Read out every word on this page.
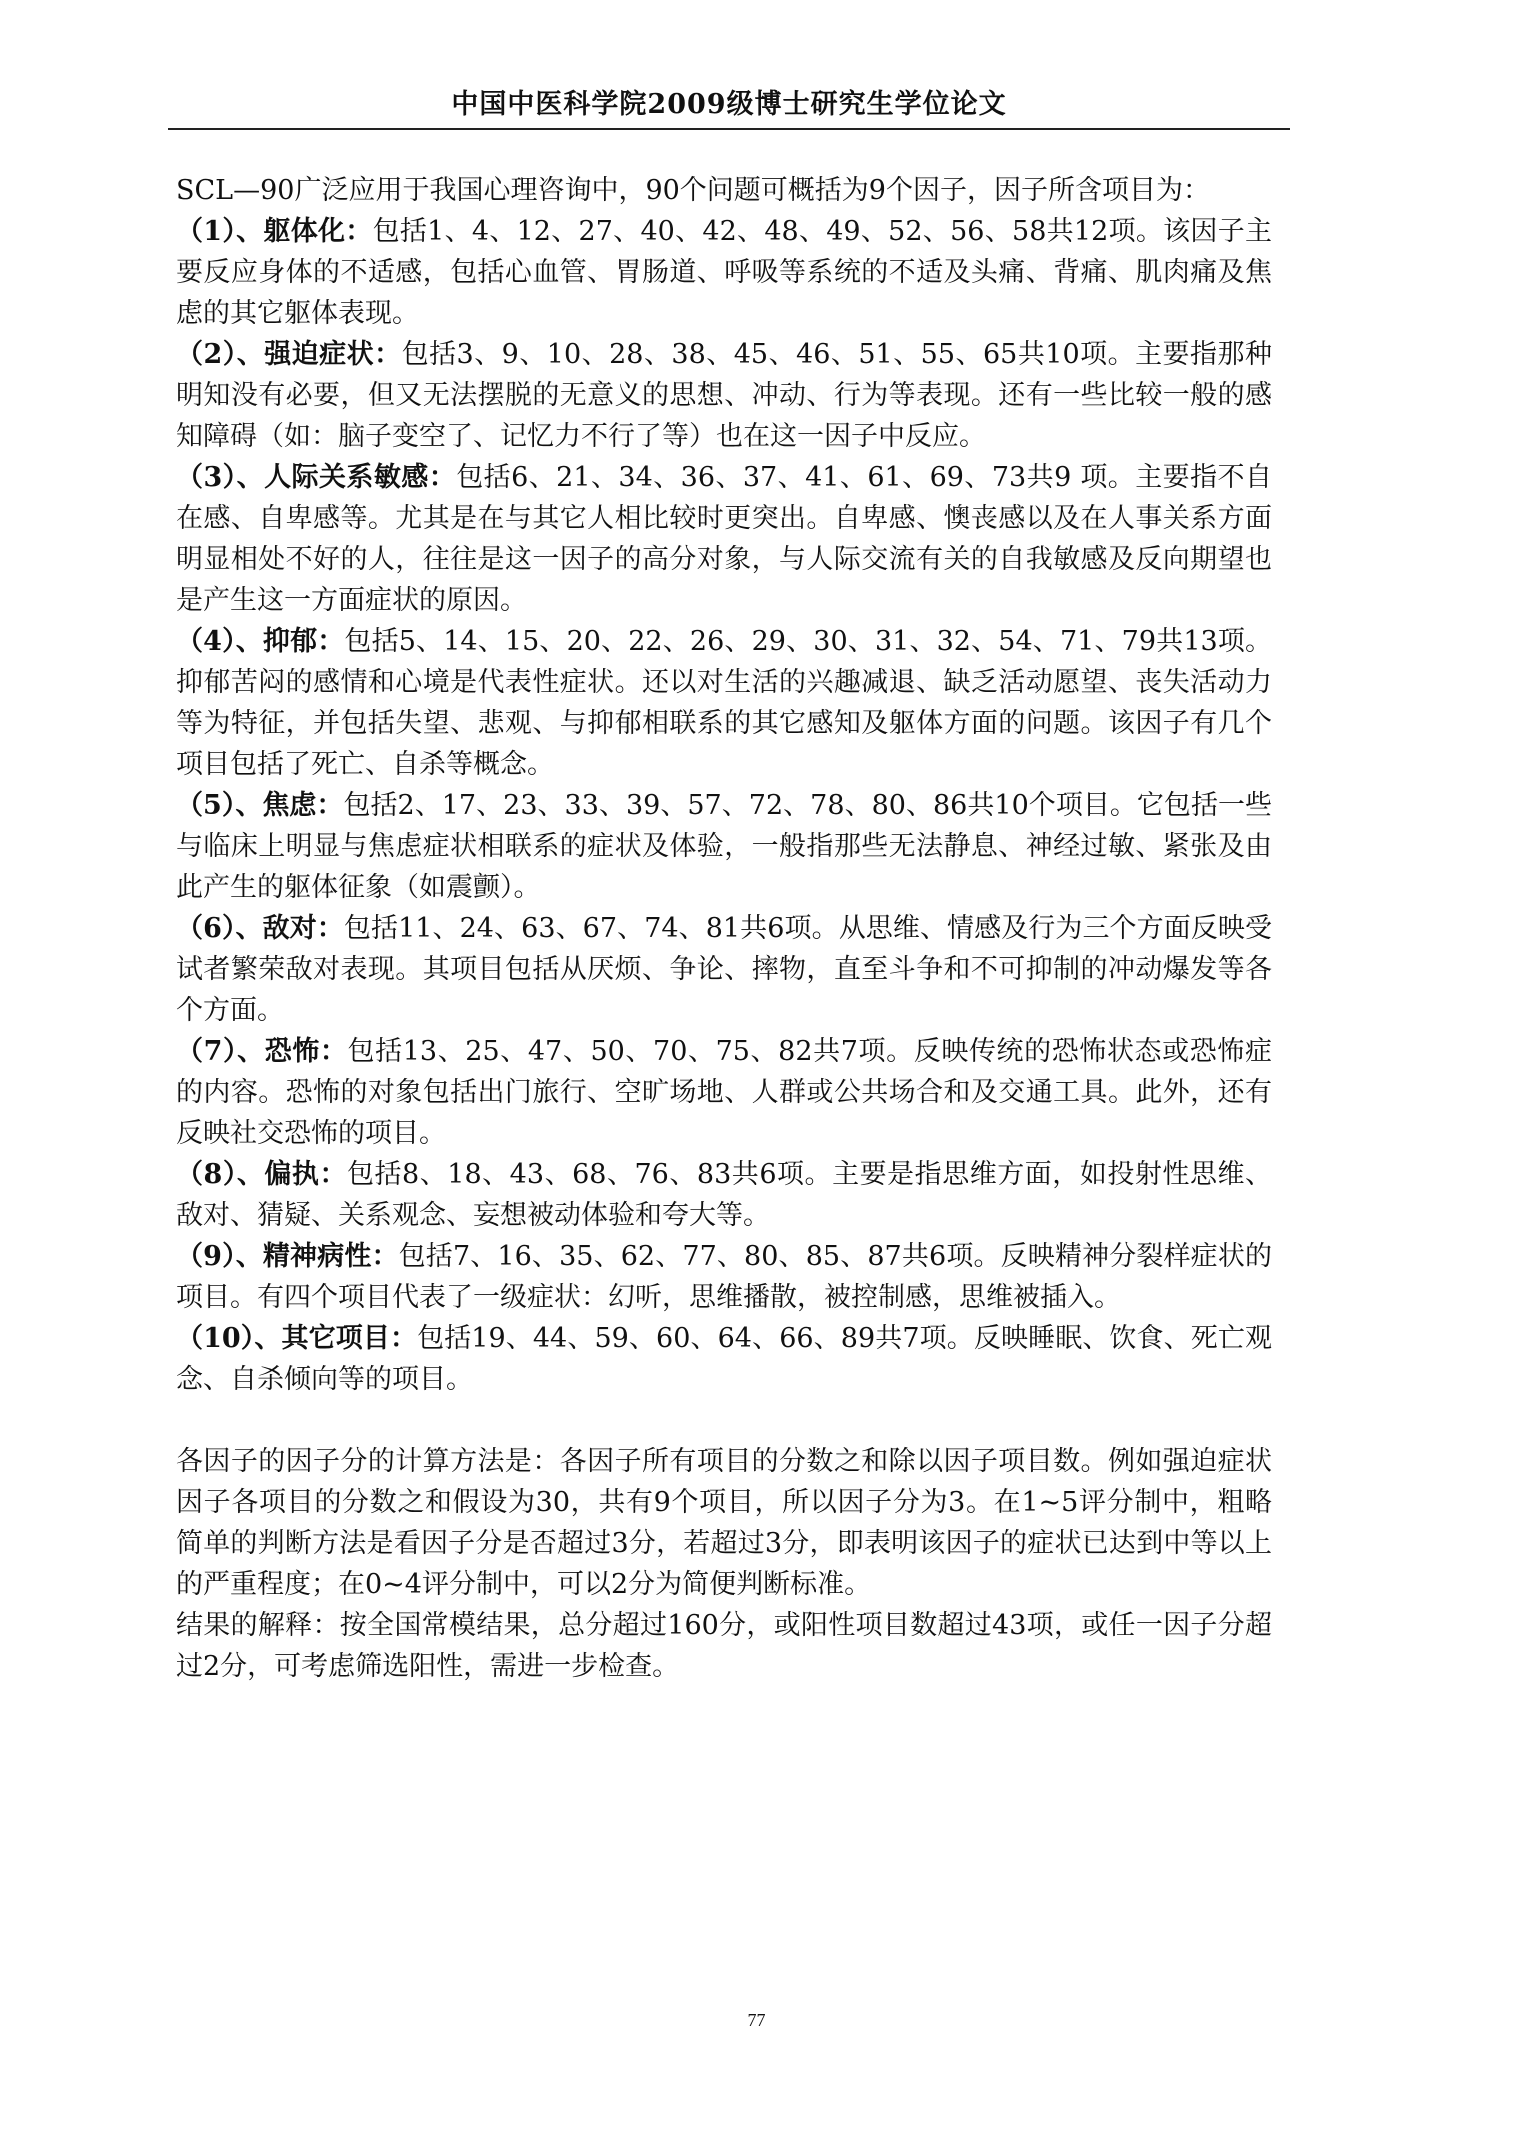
中国中医科学院2009级博士研究生学位论文

SCL—90广泛应用于我国心理咨询中，90个问题可概括为9个因子，因子所含项目为：

（1）、躯体化：包括1、4、12、27、40、42、48、49、52、56、58共12项。该因子主要反应身体的不适感，包括心血管、胃肠道、呼吸等系统的不适及头痛、背痛、肌肉痛及焦虑的其它躯体表现。

（2）、强迫症状：包括3、9、10、28、38、45、46、51、55、65共10项。主要指那种明知没有必要，但又无法摆脱的无意义的思想、冲动、行为等表现。还有一些比较一般的感知障碍（如：脑子变空了、记忆力不行了等）也在这一因子中反应。

（3）、人际关系敏感：包括6、21、34、36、37、41、61、69、73共9 项。主要指不自在感、自卑感等。尤其是在与其它人相比较时更突出。自卑感、懊丧感以及在人事关系方面明显相处不好的人，往往是这一因子的高分对象，与人际交流有关的自我敏感及反向期望也是产生这一方面症状的原因。

（4）、抑郁：包括5、14、15、20、22、26、29、30、31、32、54、71、79共13项。抑郁苦闷的感情和心境是代表性症状。还以对生活的兴趣减退、缺乏活动愿望、丧失活动力等为特征，并包括失望、悲观、与抑郁相联系的其它感知及躯体方面的问题。该因子有几个项目包括了死亡、自杀等概念。

（5）、焦虑：包括2、17、23、33、39、57、72、78、80、86共10个项目。它包括一些与临床上明显与焦虑症状相联系的症状及体验，一般指那些无法静息、神经过敏、紧张及由此产生的躯体征象（如震颤）。

（6）、敌对：包括11、24、63、67、74、81共6项。从思维、情感及行为三个方面反映受试者繁荣敌对表现。其项目包括从厌烦、争论、摔物，直至斗争和不可抑制的冲动爆发等各个方面。

（7）、恐怖：包括13、25、47、50、70、75、82共7项。反映传统的恐怖状态或恐怖症的内容。恐怖的对象包括出门旅行、空旷场地、人群或公共场合和及交通工具。此外，还有反映社交恐怖的项目。

（8）、偏执：包括8、18、43、68、76、83共6项。主要是指思维方面，如投射性思维、敌对、猜疑、关系观念、妄想被动体验和夸大等。

（9）、精神病性：包括7、16、35、62、77、80、85、87共6项。反映精神分裂样症状的项目。有四个项目代表了一级症状：幻听，思维播散，被控制感，思维被插入。

（10）、其它项目：包括19、44、59、60、64、66、89共7项。反映睡眠、饮食、死亡观念、自杀倾向等的项目。

各因子的因子分的计算方法是：各因子所有项目的分数之和除以因子项目数。例如强迫症状因子各项目的分数之和假设为30，共有9个项目，所以因子分为3。在1~5评分制中，粗略简单的判断方法是看因子分是否超过3分，若超过3分，即表明该因子的症状已达到中等以上的严重程度；在0~4评分制中，可以2分为简便判断标准。

结果的解释：按全国常模结果，总分超过160分，或阳性项目数超过43项，或任一因子分超过2分，可考虑筛选阳性，需进一步检查。

77
